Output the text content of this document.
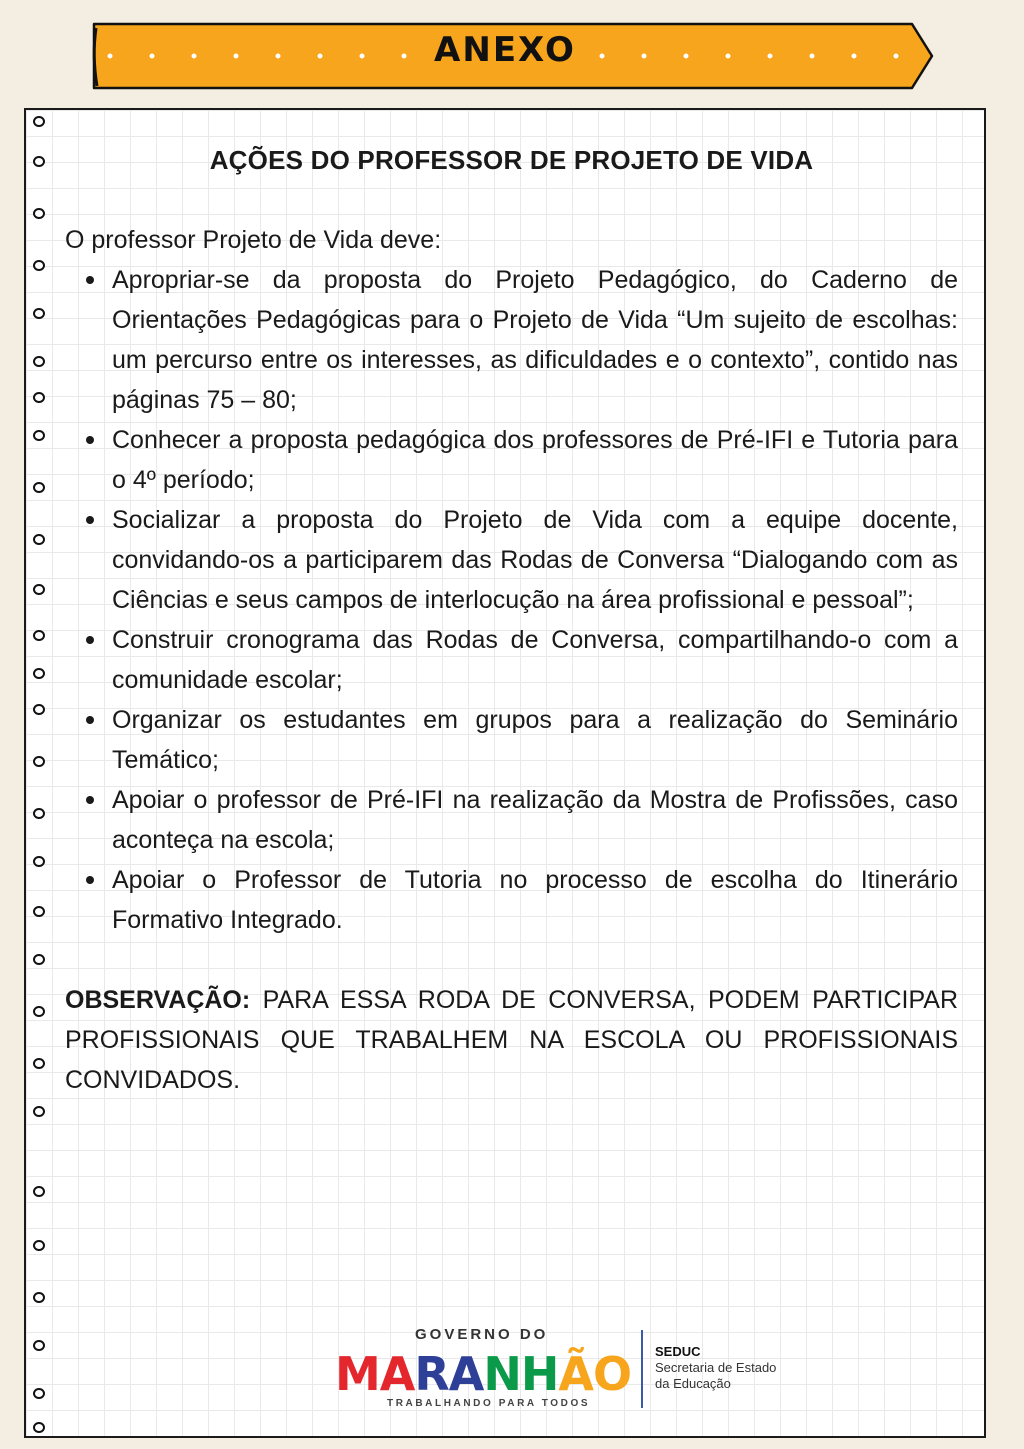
ANEXO
AÇÕES DO PROFESSOR DE PROJETO DE VIDA

O professor Projeto de Vida deve:

Apropriar-se da proposta do Projeto Pedagógico, do Caderno de Orientações Pedagógicas para o Projeto de Vida “Um sujeito de escolhas: um percurso entre os interesses, as dificuldades e o contexto”, contido nas páginas 75 – 80;
Conhecer a proposta pedagógica dos professores de Pré-IFI e Tutoria para o 4º período;
Socializar a proposta do Projeto de Vida com a equipe docente, convidando-os a participarem das Rodas de Conversa “Dialogando com as Ciências e seus campos de interlocução na área profissional e pessoal”;
Construir cronograma das Rodas de Conversa, compartilhando-o com a comunidade escolar;
Organizar os estudantes em grupos para a realização do Seminário Temático;
Apoiar o professor de Pré-IFI na realização da Mostra de Profissões, caso aconteça na escola;
Apoiar o Professor de Tutoria no processo de escolha do Itinerário Formativo Integrado.

OBSERVAÇÃO: PARA ESSA RODA DE CONVERSA, PODEM PARTICIPAR PROFISSIONAIS QUE TRABALHEM NA ESCOLA OU PROFISSIONAIS CONVIDADOS.

GOVERNO DO
MARANHÃO
TRABALHANDO PARA TODOS
SEDUC
Secretaria de Estado
da Educação
